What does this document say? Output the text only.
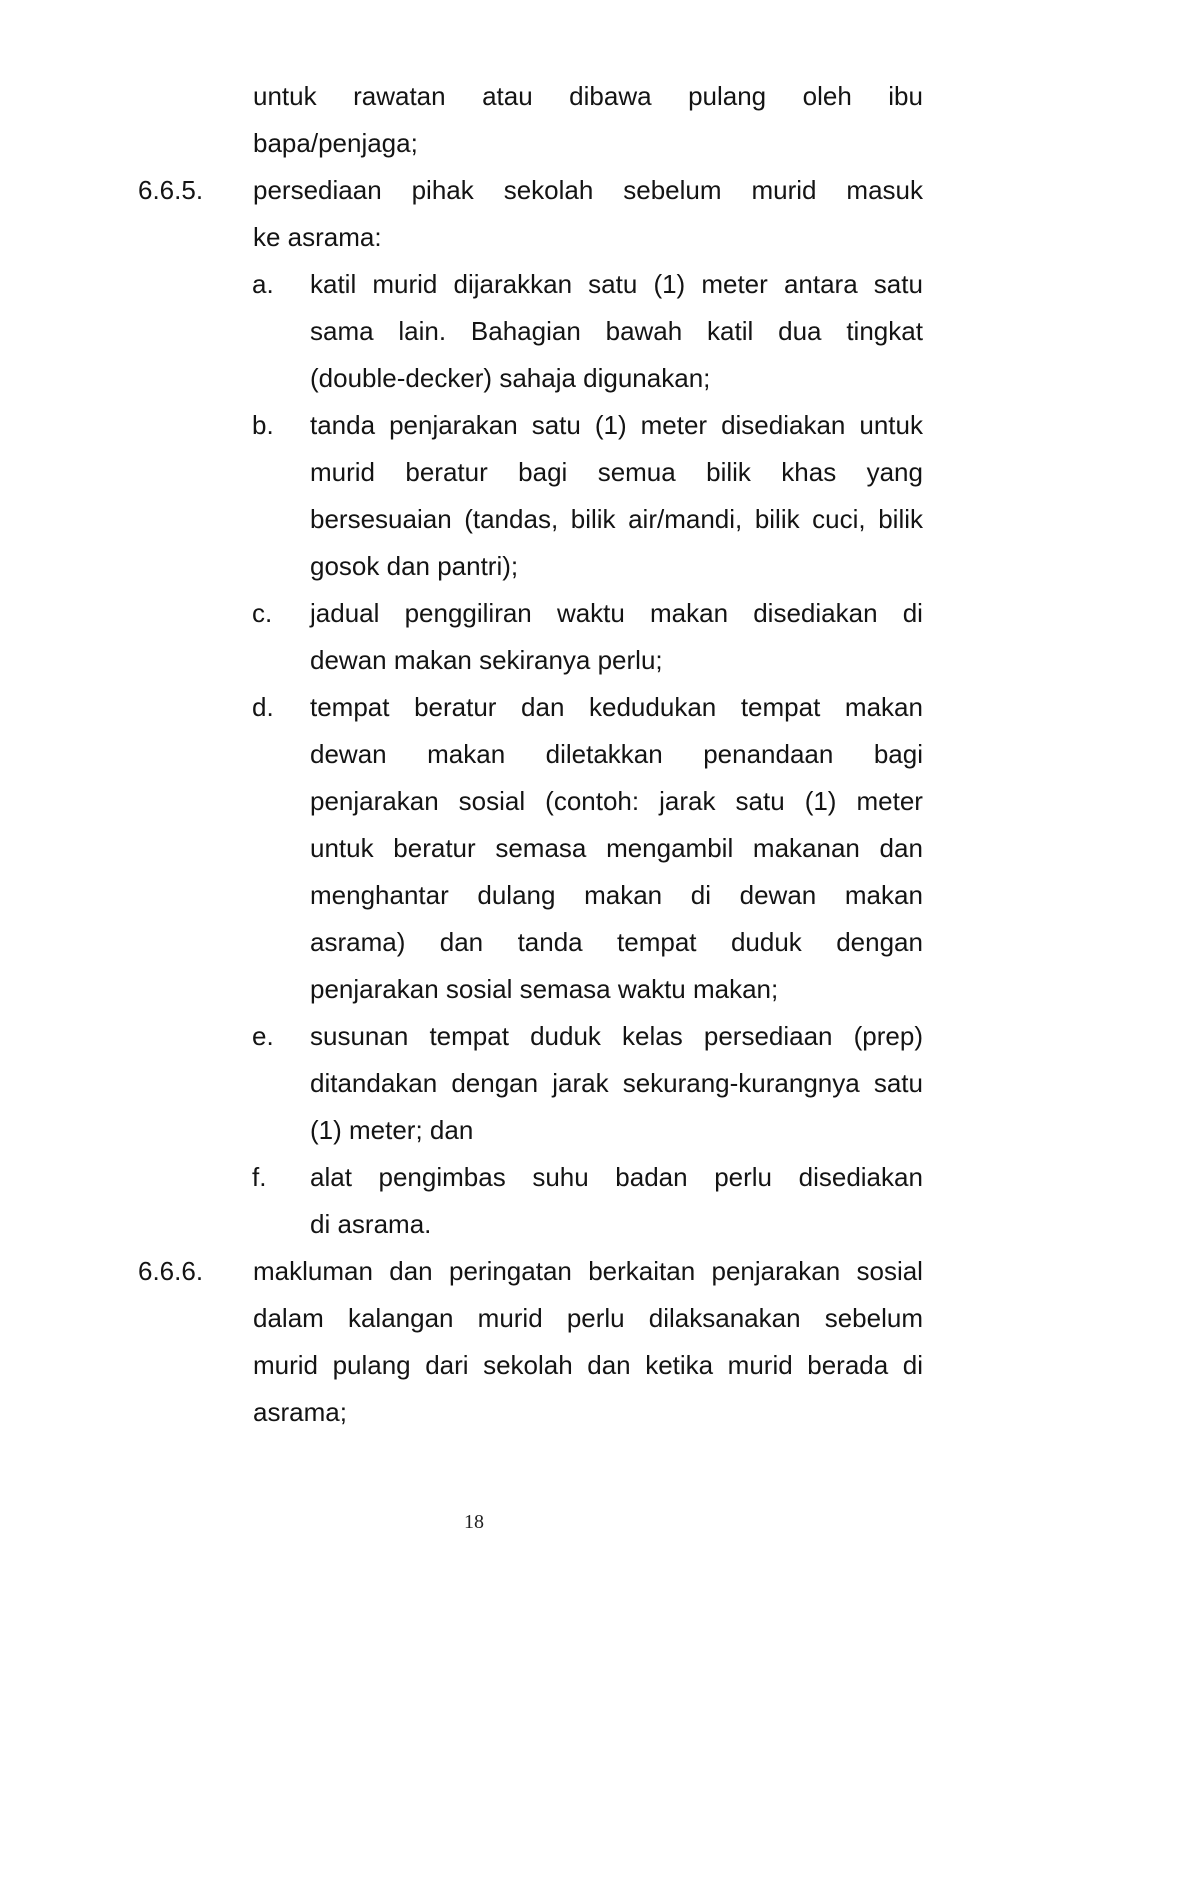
untuk rawatan atau dibawa pulang oleh ibu
bapa/penjaga;
6.6.5. persediaan pihak sekolah sebelum murid masuk
ke asrama:
a. katil murid dijarakkan satu (1) meter antara satu
sama lain. Bahagian bawah katil dua tingkat
(double-decker) sahaja digunakan;
b. tanda penjarakan satu (1) meter disediakan untuk
murid beratur bagi semua bilik khas yang
bersesuaian (tandas, bilik air/mandi, bilik cuci, bilik
gosok dan pantri);
c. jadual penggiliran waktu makan disediakan di
dewan makan sekiranya perlu;
d. tempat beratur dan kedudukan tempat makan
dewan makan diletakkan penandaan bagi
penjarakan sosial (contoh: jarak satu (1) meter
untuk beratur semasa mengambil makanan dan
menghantar dulang makan di dewan makan
asrama) dan tanda tempat duduk dengan
penjarakan sosial semasa waktu makan;
e. susunan tempat duduk kelas persediaan (prep)
ditandakan dengan jarak sekurang-kurangnya satu
(1) meter; dan
f. alat pengimbas suhu badan perlu disediakan
di asrama.
6.6.6. makluman dan peringatan berkaitan penjarakan sosial
dalam kalangan murid perlu dilaksanakan sebelum
murid pulang dari sekolah dan ketika murid berada di
asrama;
18
